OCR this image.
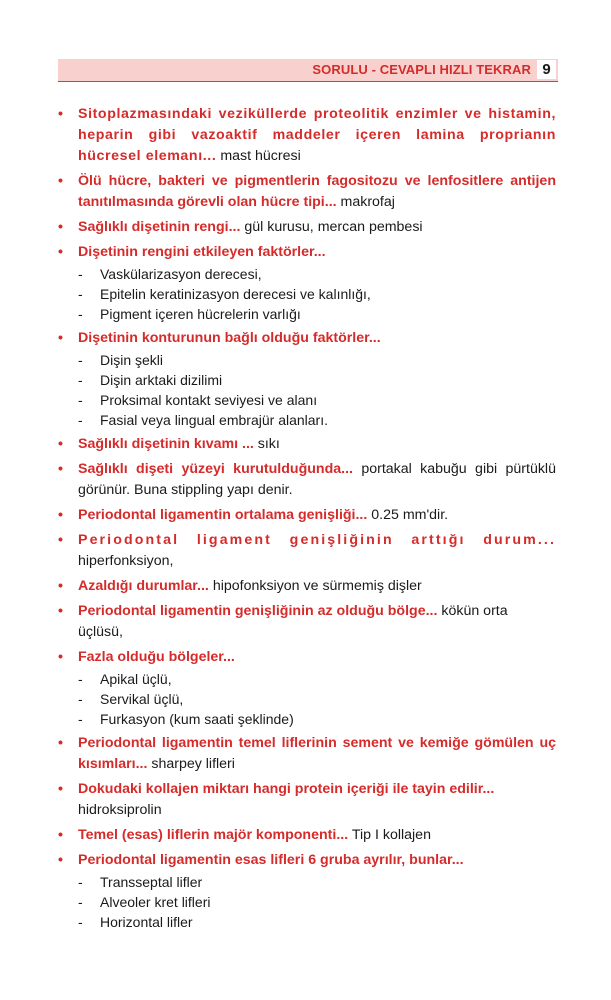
SORULU - CEVAPLI HIZLI TEKRAR 9
• Sitoplazmasındaki veziküllerde proteolitik enzimler ve histamin, heparin gibi vazoaktif maddeler içeren lamina proprianın hücresel elemanı... mast hücresi
• Ölü hücre, bakteri ve pigmentlerin fagositozu ve lenfositlere antijen tanıtılmasında görevli olan hücre tipi... makrofaj
• Sağlıklı dişetinin rengi... gül kurusu, mercan pembesi
• Dişetinin rengini etkileyen faktörler...
- Vaskülarizasyon derecesi,
- Epitelin keratinizasyon derecesi ve kalınlığı,
- Pigment içeren hücrelerin varlığı
• Dişetinin konturunun bağlı olduğu faktörler...
- Dişin şekli
- Dişin arktaki dizilimi
- Proksimal kontakt seviyesi ve alanı
- Fasial veya lingual embrajür alanları.
• Sağlıklı dişetinin kıvamı ... sıkı
• Sağlıklı dişeti yüzeyi kurutulduğunda... portakal kabuğu gibi pürtüklü görünür. Buna stippling yapı denir.
• Periodontal ligamentin ortalama genişliği... 0.25 mm'dir.
• Periodontal ligament genişliğinin arttığı durum... hiperfonksiyon,
• Azaldığı durumlar... hipofonksiyon ve sürmemiş dişler
• Periodontal ligamentin genişliğinin az olduğu bölge... kökün orta üçlüsü,
• Fazla olduğu bölgeler...
- Apikal üçlü,
- Servikal üçlü,
- Furkasyon (kum saati şeklinde)
• Periodontal ligamentin temel liflerinin sement ve kemiğe gömülen uç kısımları... sharpey lifleri
• Dokudaki kollajen miktarı hangi protein içeriği ile tayin edilir... hidroksiprolin
• Temel (esas) liflerin majör komponenti... Tip I kollajen
• Periodontal ligamentin esas lifleri 6 gruba ayrılır, bunlar...
- Transseptal lifler
- Alveoler kret lifleri
- Horizontal lifler
